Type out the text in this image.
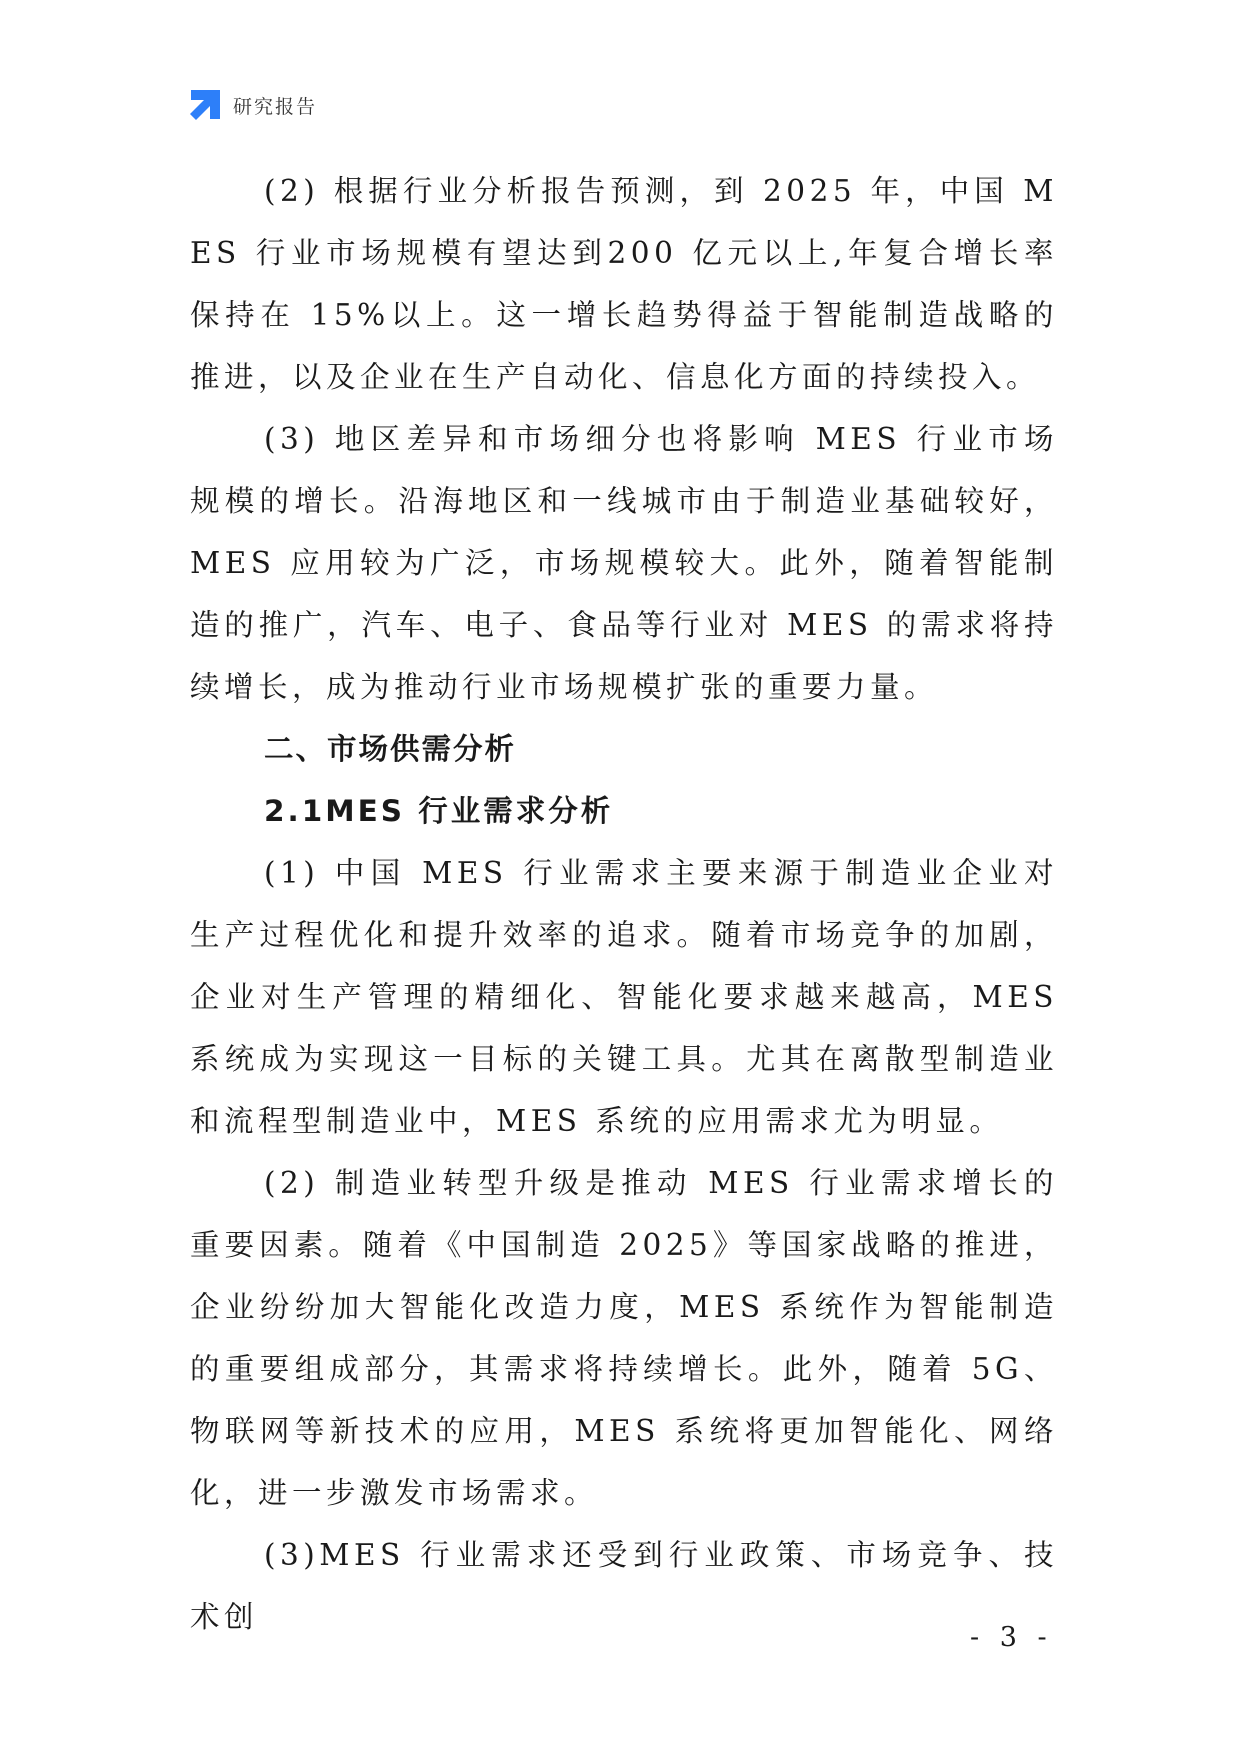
研究报告

(2) 根据行业分析报告预测，到 2025 年，中国 MES 行业市场规模有望达到200 亿元以上,年复合增长率保持在 15%以上。这一增长趋势得益于智能制造战略的推进，以及企业在生产自动化、信息化方面的持续投入。

(3) 地区差异和市场细分也将影响 MES 行业市场规模的增长。沿海地区和一线城市由于制造业基础较好，MES 应用较为广泛，市场规模较大。此外，随着智能制造的推广，汽车、电子、食品等行业对 MES 的需求将持续增长，成为推动行业市场规模扩张的重要力量。

二、市场供需分析
2.1MES 行业需求分析

(1) 中国 MES 行业需求主要来源于制造业企业对生产过程优化和提升效率的追求。随着市场竞争的加剧，企业对生产管理的精细化、智能化要求越来越高，MES 系统成为实现这一目标的关键工具。尤其在离散型制造业和流程型制造业中，MES 系统的应用需求尤为明显。

(2) 制造业转型升级是推动 MES 行业需求增长的重要因素。随着《中国制造 2025》等国家战略的推进，企业纷纷加大智能化改造力度，MES 系统作为智能制造的重要组成部分，其需求将持续增长。此外，随着 5G、物联网等新技术的应用，MES 系统将更加智能化、网络化，进一步激发市场需求。

(3)MES 行业需求还受到行业政策、市场竞争、技术创

- 3 -
